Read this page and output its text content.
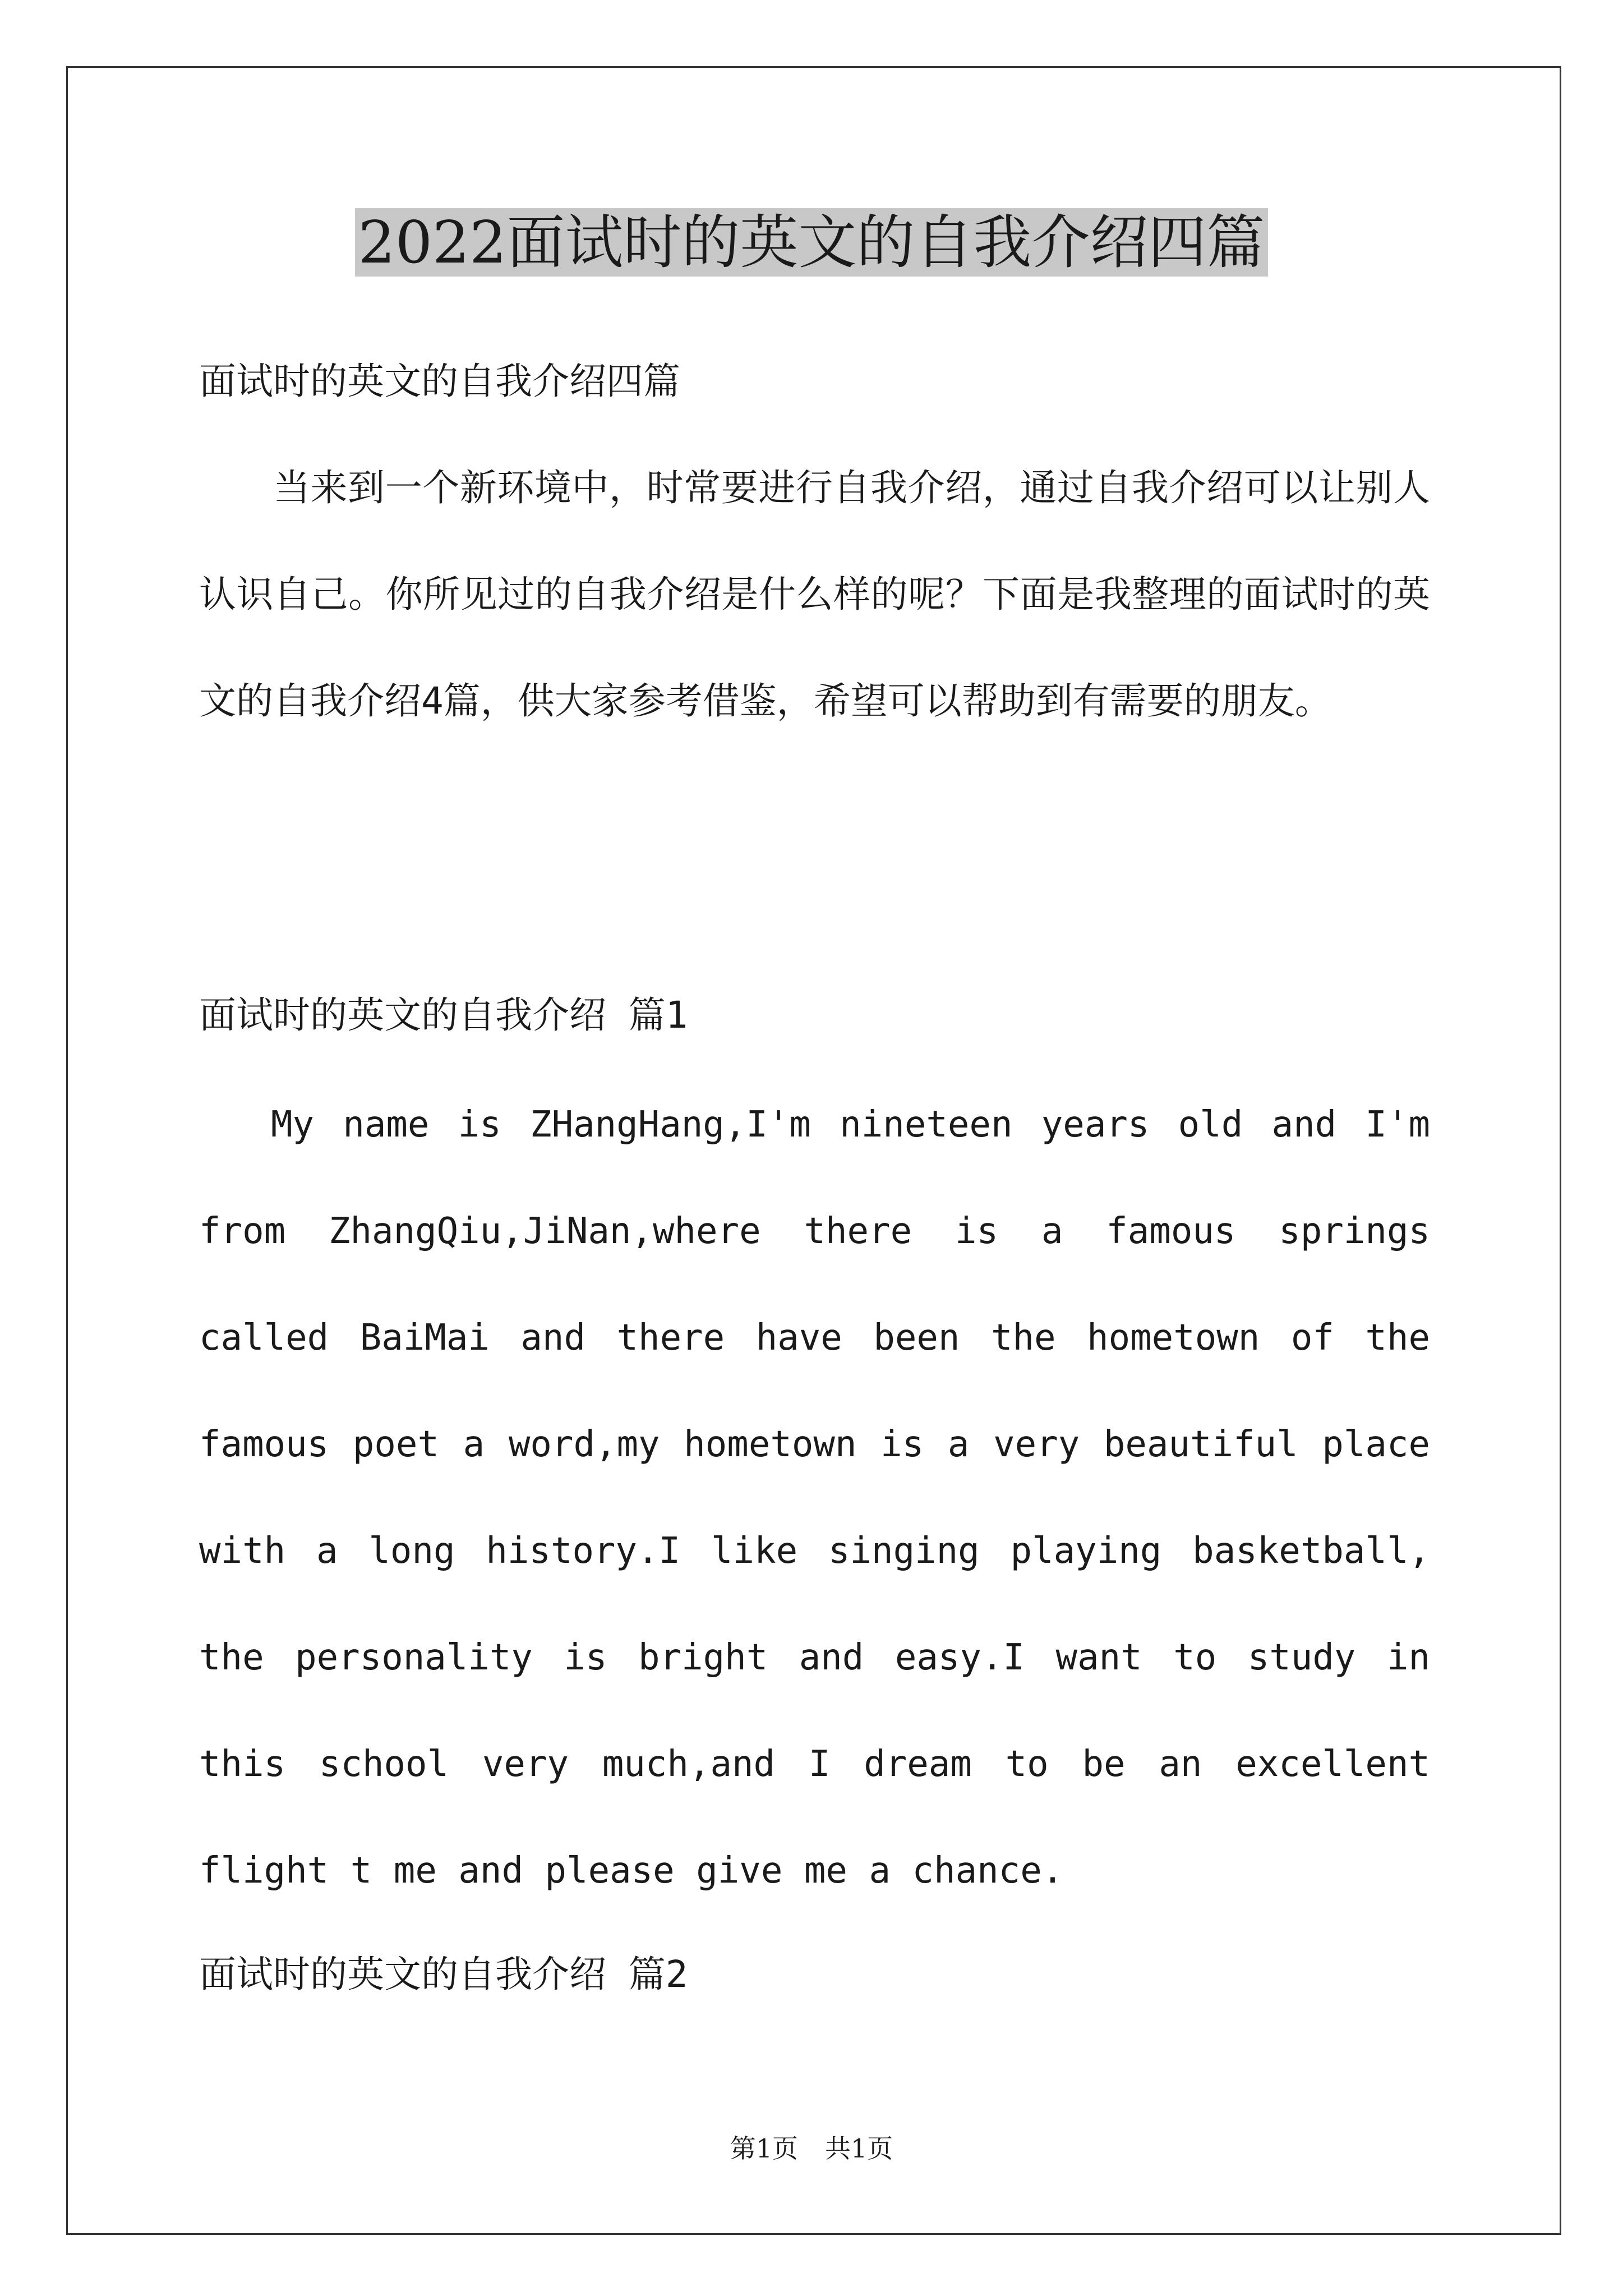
2022面试时的英文的自我介绍四篇

面试时的英文的自我介绍四篇

当来到一个新环境中，时常要进行自我介绍，通过自我介绍可以让别人认识自己。你所见过的自我介绍是什么样的呢？下面是我整理的面试时的英文的自我介绍4篇，供大家参考借鉴，希望可以帮助到有需要的朋友。

面试时的英文的自我介绍 篇1

My name is ZHangHang,I'm nineteen years old and I'm from ZhangQiu,JiNan,where there is a famous springs called BaiMai and there have been the hometown of the famous poet a word,my hometown is a very beautiful place with a long history.I like singing playing basketball, the personality is bright and easy.I want to study in this school very much,and I dream to be an excellent flight t me and please give me a chance.

面试时的英文的自我介绍 篇2

第1页 共1页
